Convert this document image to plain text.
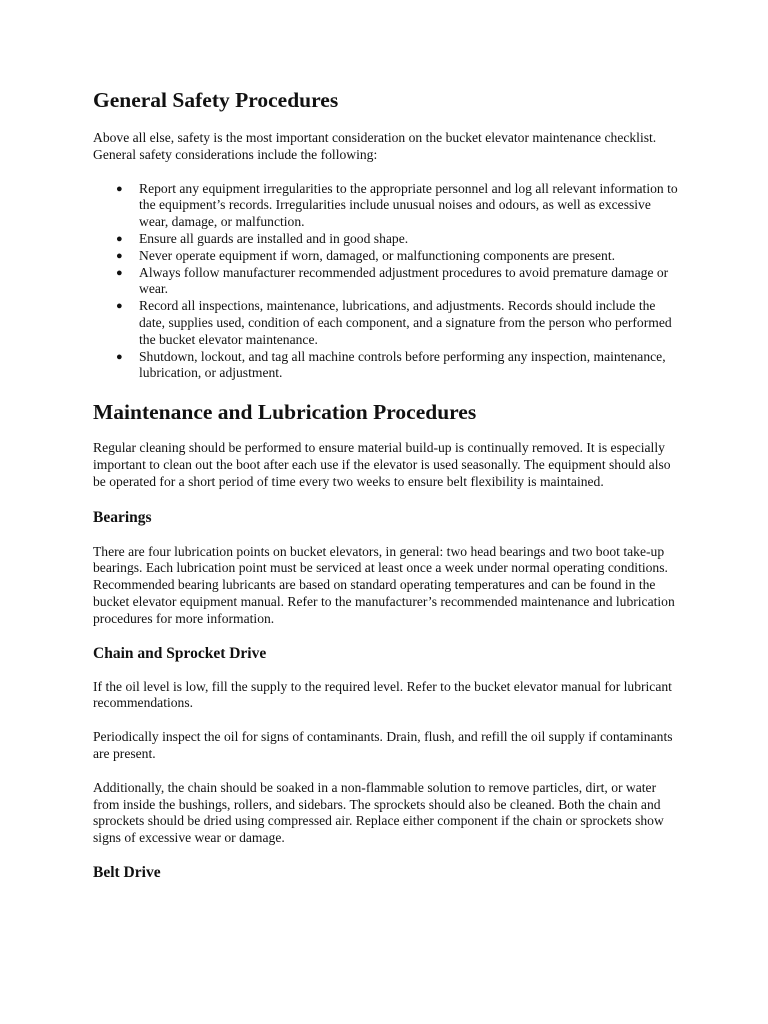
General Safety Procedures

Above all else, safety is the most important consideration on the bucket elevator maintenance checklist. General safety considerations include the following:

● Report any equipment irregularities to the appropriate personnel and log all relevant information to the equipment’s records. Irregularities include unusual noises and odours, as well as excessive wear, damage, or malfunction.
● Ensure all guards are installed and in good shape.
● Never operate equipment if worn, damaged, or malfunctioning components are present.
● Always follow manufacturer recommended adjustment procedures to avoid premature damage or wear.
● Record all inspections, maintenance, lubrications, and adjustments. Records should include the date, supplies used, condition of each component, and a signature from the person who performed the bucket elevator maintenance.
● Shutdown, lockout, and tag all machine controls before performing any inspection, maintenance, lubrication, or adjustment.
Maintenance and Lubrication Procedures

Regular cleaning should be performed to ensure material build-up is continually removed. It is especially important to clean out the boot after each use if the elevator is used seasonally. The equipment should also be operated for a short period of time every two weeks to ensure belt flexibility is maintained.

Bearings

There are four lubrication points on bucket elevators, in general: two head bearings and two boot take-up bearings. Each lubrication point must be serviced at least once a week under normal operating conditions. Recommended bearing lubricants are based on standard operating temperatures and can be found in the bucket elevator equipment manual. Refer to the manufacturer’s recommended maintenance and lubrication procedures for more information.

Chain and Sprocket Drive

If the oil level is low, fill the supply to the required level. Refer to the bucket elevator manual for lubricant recommendations.

Periodically inspect the oil for signs of contaminants. Drain, flush, and refill the oil supply if contaminants are present.

Additionally, the chain should be soaked in a non-flammable solution to remove particles, dirt, or water from inside the bushings, rollers, and sidebars. The sprockets should also be cleaned. Both the chain and sprockets should be dried using compressed air. Replace either component if the chain or sprockets show signs of excessive wear or damage.

Belt Drive
